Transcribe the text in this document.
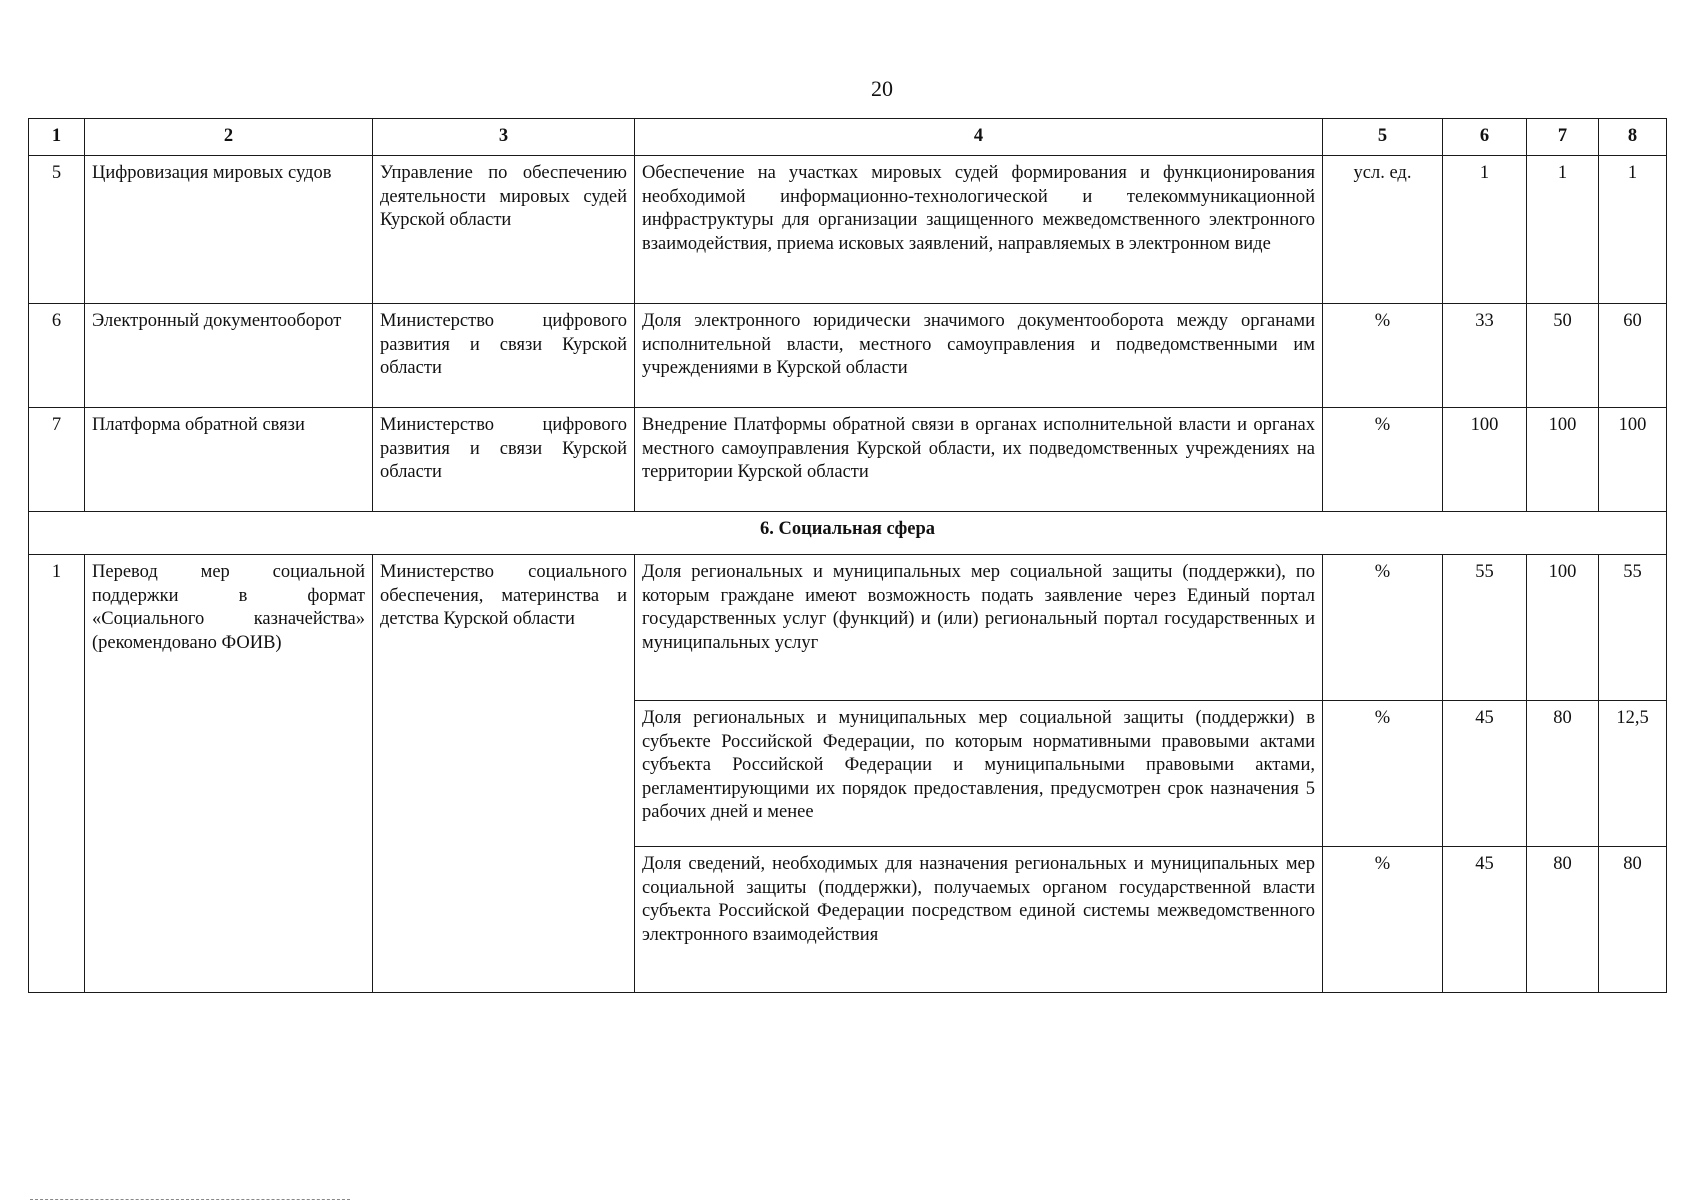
20
1	2	3	4	5	6	7	8
5	Цифровизация мировых судов	Управление по обеспечению деятельности мировых судей Курской области	Обеспечение на участках мировых судей формирования и функционирования необходимой информационно-технологической и телекоммуникационной инфраструктуры для организации защищенного межведомственного электронного взаимодействия, приема исковых заявлений, направляемых в электронном виде	усл. ед.	1	1	1
6	Электронный документооборот	Министерство цифрового развития и связи Курской области	Доля электронного юридически значимого документооборота между органами исполнительной власти, местного самоуправления и подведомственными им учреждениями в Курской области	%	33	50	60
7	Платформа обратной связи	Министерство цифрового развития и связи Курской области	Внедрение Платформы обратной связи в органах исполнительной власти и органах местного самоуправления Курской области, их подведомственных учреждениях на территории Курской области	%	100	100	100
6. Социальная сфера							
1	Перевод мер социальной поддержки в формат «Социального казначейства» (рекомендовано ФОИВ)	Министерство социального обеспечения, материнства и детства Курской области	Доля региональных и муниципальных мер социальной защиты (поддержки), по которым граждане имеют возможность подать заявление через Единый портал государственных услуг (функций) и (или) региональный портал государственных и муниципальных услуг	%	55	100	55
			Доля региональных и муниципальных мер социальной защиты (поддержки) в субъекте Российской Федерации, по которым нормативными правовыми актами субъекта Российской Федерации и муниципальными правовыми актами, регламентирующими их порядок предоставления, предусмотрен срок назначения 5 рабочих дней и менее	%	45	80	12,5
			Доля сведений, необходимых для назначения региональных и муниципальных мер социальной защиты (поддержки), получаемых органом государственной власти субъекта Российской Федерации посредством единой системы межведомственного электронного взаимодействия	%	45	80	80
